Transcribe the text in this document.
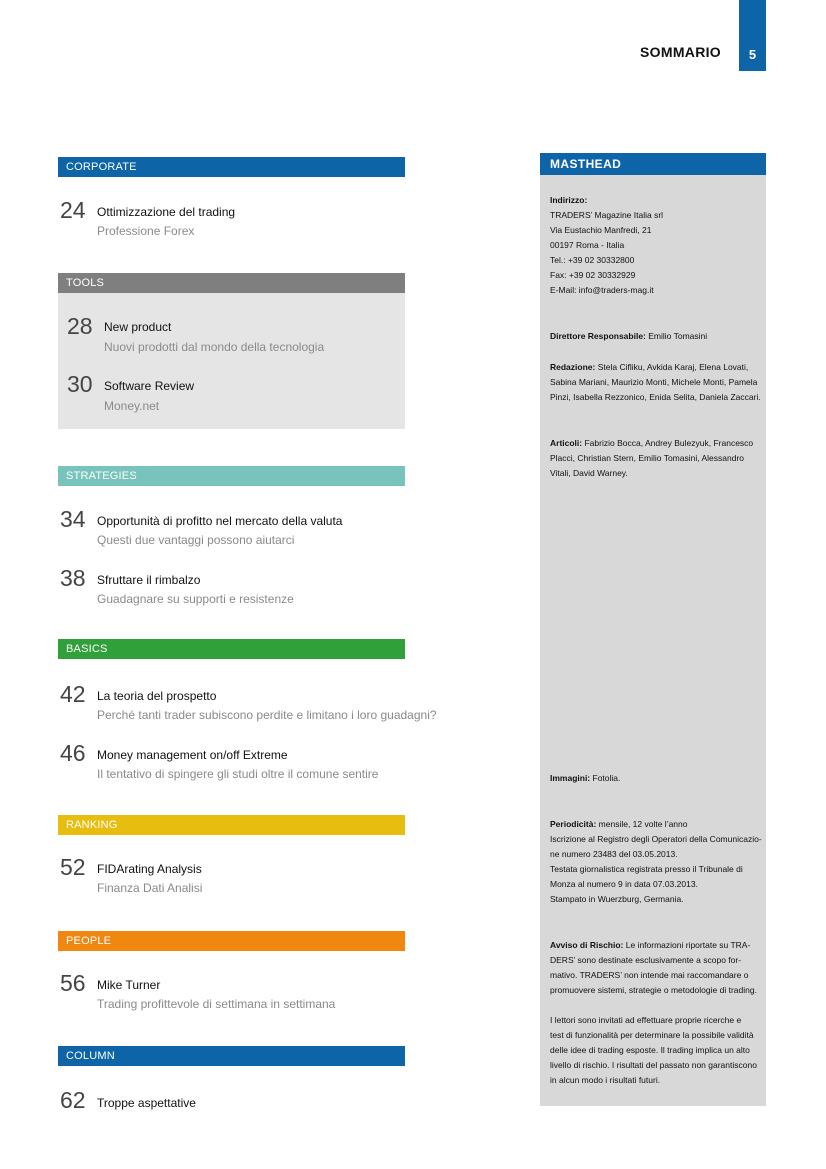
SOMMARIO	5
CORPORATE
24 Ottimizzazione del trading
Professione Forex
TOOLS
28 New product
Nuovi prodotti dal mondo della tecnologia
30 Software Review
Money.net
STRATEGIES
34 Opportunità di profitto nel mercato della valuta
Questi due vantaggi possono aiutarci
38 Sfruttare il rimbalzo
Guadagnare su supporti e resistenze
BASICS
42 La teoria del prospetto
Perché tanti trader subiscono perdite e limitano i loro guadagni?
46 Money management on/off Extreme
Il tentativo di spingere gli studi oltre il comune sentire
RANKING
52 FIDArating Analysis
Finanza Dati Analisi
PEOPLE
56 Mike Turner
Trading profittevole di settimana in settimana
COLUMN
62 Troppe aspettative
MASTHEAD
Indirizzo:
TRADERS’ Magazine Italia srl
Via Eustachio Manfredi, 21
00197 Roma - Italia
Tel.: +39 02 30332800
Fax: +39 02 30332929
E-Mail: info@traders-mag.it
Direttore Responsabile: Emilio Tomasini
Redazione: Stela Cifliku, Avkida Karaj, Elena Lovati,
Sabina Mariani, Maurizio Monti, Michele Monti, Pamela
Pinzi, Isabella Rezzonico, Enida Selita, Daniela Zaccari.
Articoli: Fabrizio Bocca, Andrey Bulezyuk, Francesco
Placci, Christian Stern, Emilio Tomasini, Alessandro
Vitali, David Warney.
Immagini: Fotolia.
Periodicità: mensile, 12 volte l’anno
Iscrizione al Registro degli Operatori della Comunicazio-
ne numero 23483 del 03.05.2013.
Testata giornalistica registrata presso il Tribunale di
Monza al numero 9 in data 07.03.2013.
Stampato in Wuerzburg, Germania.
Avviso di Rischio: Le informazioni riportate su TRA-
DERS’ sono destinate esclusivamente a scopo for-
mativo. TRADERS’ non intende mai raccomandare o
promuovere sistemi, strategie o metodologie di trading.
I lettori sono invitati ad effettuare proprie ricerche e
test di funzionalità per determinare la possibile validità
delle idee di trading esposte. Il trading implica un alto
livello di rischio. I risultati del passato non garantiscono
in alcun modo i risultati futuri.
